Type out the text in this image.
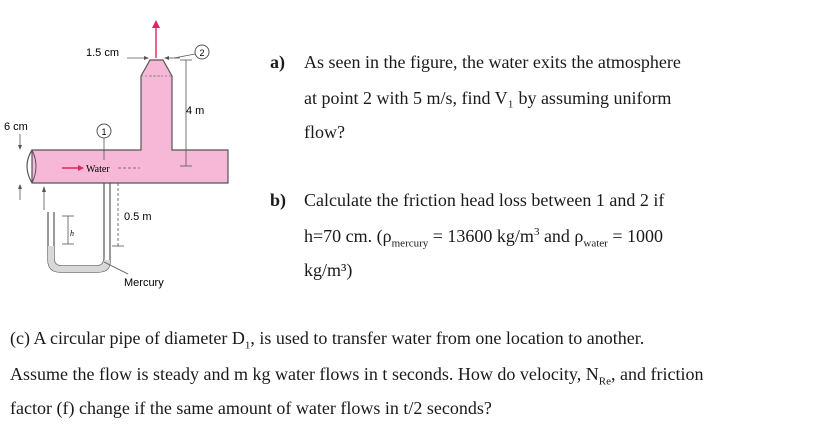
2
1.5 cm
4 m
6 cm	1
Water
h
0.5 m
Mercury
a) As seen in the figure, the water exits the atmosphere
at point 2 with 5 m/s, find V₁ by assuming uniform
flow?
b) Calculate the friction head loss between 1 and 2 if
h=70 cm. ($\rho_{mercury} = 13600$ $kg/m^3$ and $\rho_{water} = 1000$
kg/m³)
(c) A circular pipe of diameter $D_1$, is used to transfer water from one location to another.
Assume the flow is steady and m kg water flows in t seconds. How do velocity, $N_{Re}$, and friction
factor (f) change if the same amount of water flows in t/2 seconds?
